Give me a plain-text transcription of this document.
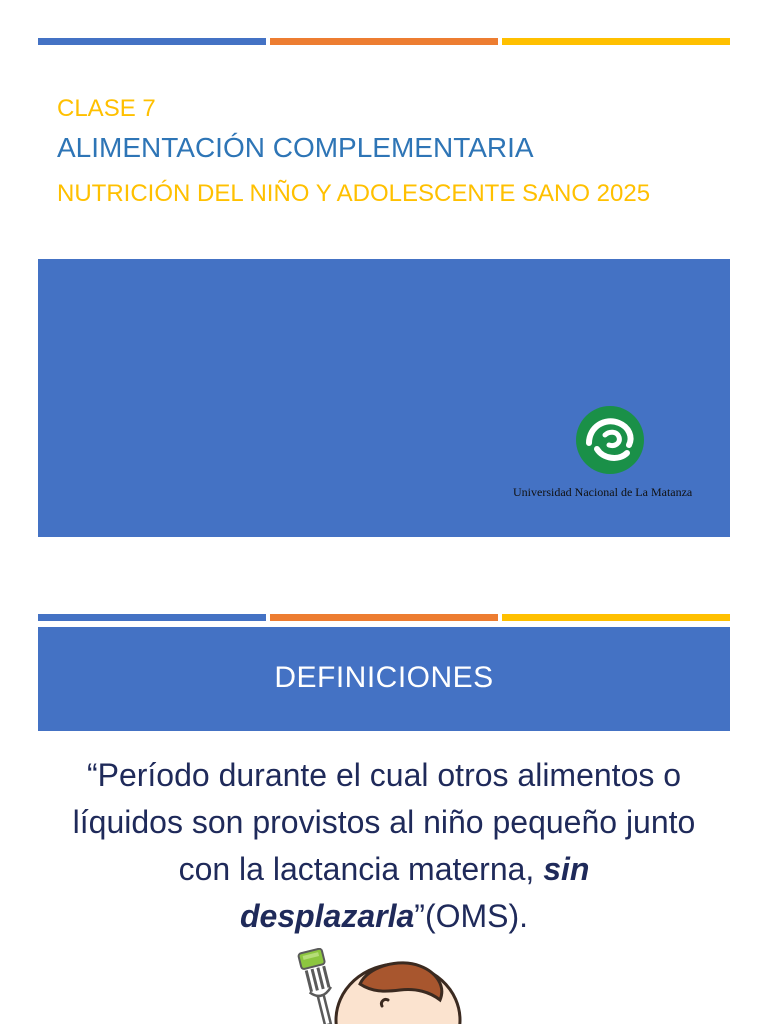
CLASE 7
ALIMENTACIÓN COMPLEMENTARIA
NUTRICIÓN DEL NIÑO Y ADOLESCENTE SANO 2025
Universidad Nacional de La Matanza
DEFINICIONES
“Período durante el cual otros alimentos o líquidos son provistos al niño pequeño junto con la lactancia materna, sin desplazarla”(OMS).
